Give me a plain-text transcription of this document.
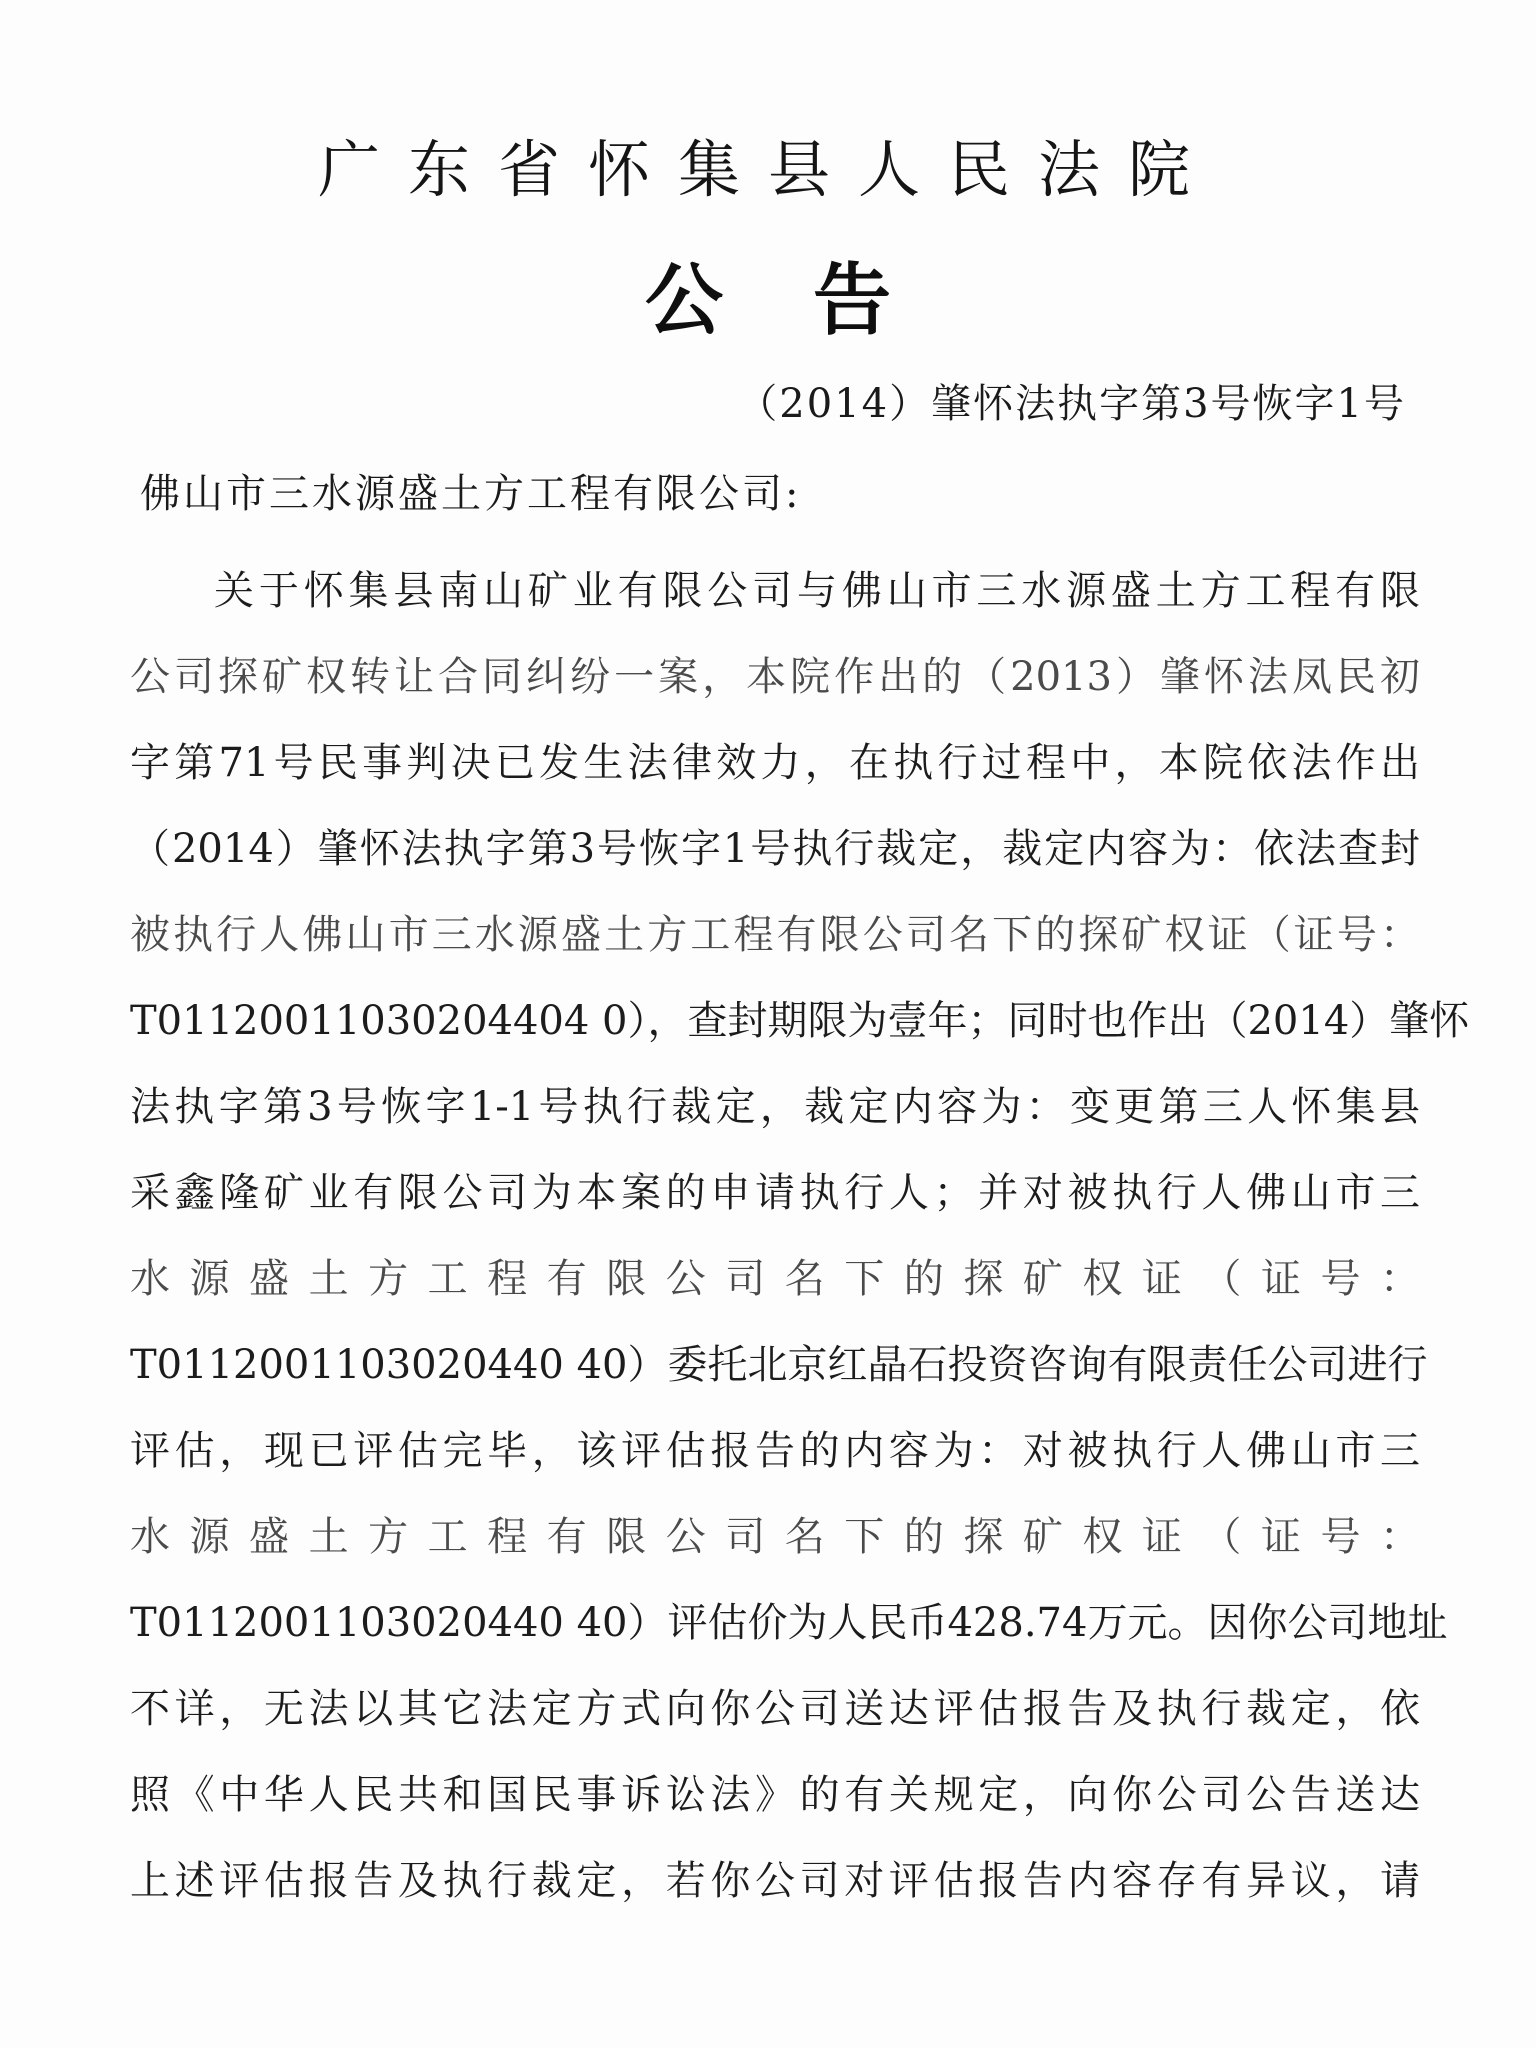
广东省怀集县人民法院
公告
（2014）肇怀法执字第3号恢字1号
佛山市三水源盛土方工程有限公司:
关于怀集县南山矿业有限公司与佛山市三水源盛土方工程有限
公司探矿权转让合同纠纷一案，本院作出的（2013）肇怀法凤民初
字第71号民事判决已发生法律效力，在执行过程中，本院依法作出
（2014）肇怀法执字第3号恢字1号执行裁定，裁定内容为：依法查封
被执行人佛山市三水源盛土方工程有限公司名下的探矿权证（证号：
T01120011030204404 0），查封期限为壹年；同时也作出（2014）肇怀
法执字第3号恢字1-1号执行裁定，裁定内容为：变更第三人怀集县
采鑫隆矿业有限公司为本案的申请执行人；并对被执行人佛山市三
水源盛土方工程有限公司名下的探矿权证（证号：
T0112001103020440 40）委托北京红晶石投资咨询有限责任公司进行
评估，现已评估完毕，该评估报告的内容为：对被执行人佛山市三
水源盛土方工程有限公司名下的探矿权证（证号：
T0112001103020440 40）评估价为人民币428.74万元。因你公司地址
不详，无法以其它法定方式向你公司送达评估报告及执行裁定，依
照《中华人民共和国民事诉讼法》的有关规定，向你公司公告送达
上述评估报告及执行裁定，若你公司对评估报告内容存有异议，请
